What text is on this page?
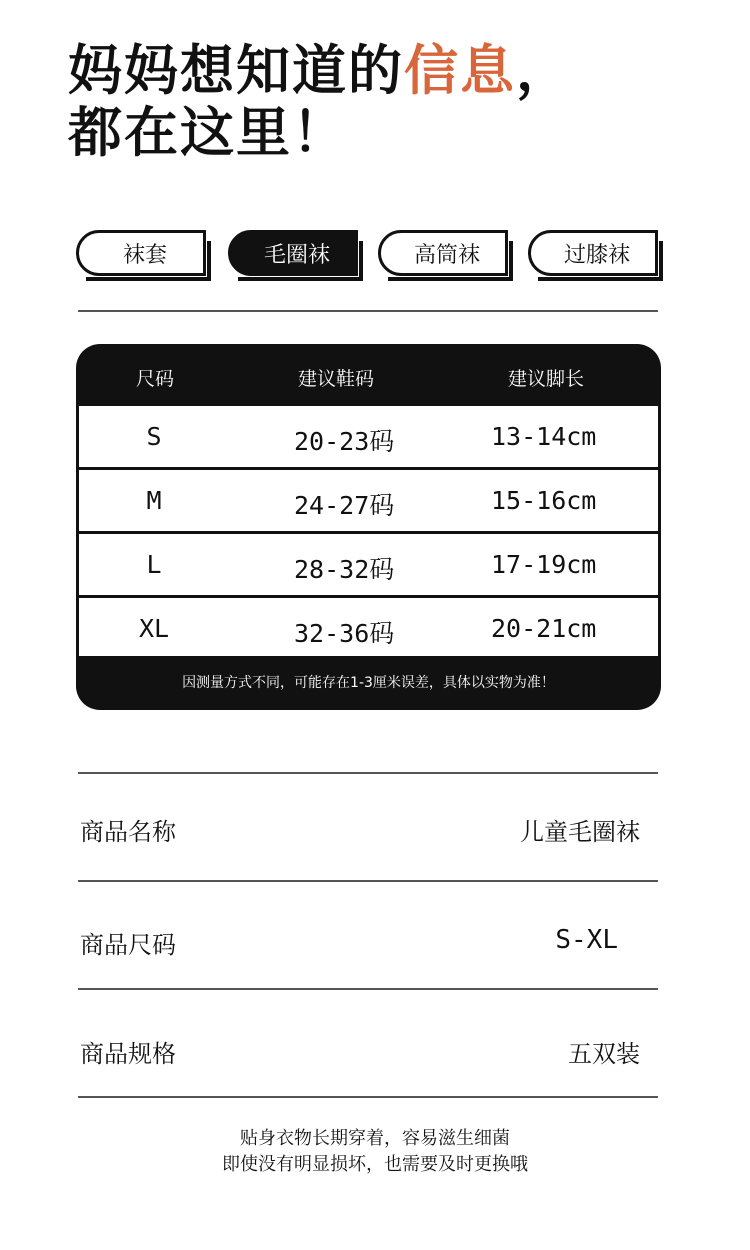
妈妈想知道的信息，
都在这里！
袜套	毛圈袜	高筒袜	过膝袜
尺码	建议鞋码	建议脚长
S	20-23码	13-14cm
M	24-27码	15-16cm
L	28-32码	17-19cm
XL	32-36码	20-21cm
因测量方式不同，可能存在1-3厘米误差，具体以实物为准！
商品名称	儿童毛圈袜
商品尺码	S-XL
商品规格	五双装
贴身衣物长期穿着，容易滋生细菌
即使没有明显损坏，也需要及时更换哦
